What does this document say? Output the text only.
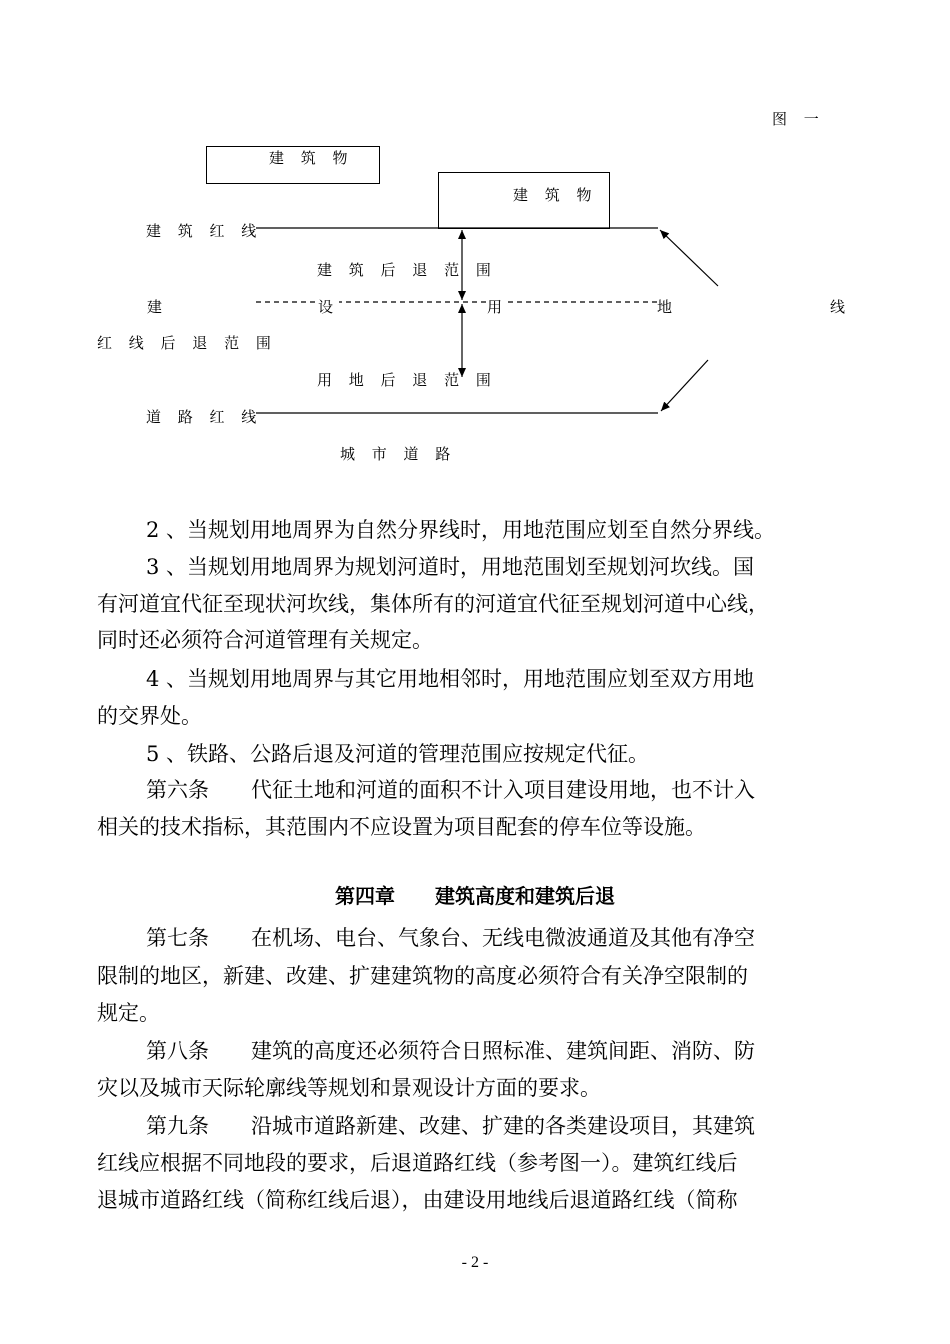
图 一
建 筑 物
建 筑 物
建 筑 红 线
建 筑 后 退 范 围
建	设	用	地	线
红 线 后 退 范 围
用 地 后 退 范 围
道 路 红 线
城 市 道 路
2 、当规划用地周界为自然分界线时，用地范围应划至自然分界线。
3 、当规划用地周界为规划河道时，用地范围划至规划河坎线。国
有河道宜代征至现状河坎线，集体所有的河道宜代征至规划河道中心线，
同时还必须符合河道管理有关规定。
4 、当规划用地周界与其它用地相邻时，用地范围应划至双方用地
的交界处。
5 、铁路、公路后退及河道的管理范围应按规定代征。
第六条　　代征土地和河道的面积不计入项目建设用地，也不计入
相关的技术指标，其范围内不应设置为项目配套的停车位等设施。
第四章　　建筑高度和建筑后退
第七条　　在机场、电台、气象台、无线电微波通道及其他有净空
限制的地区，新建、改建、扩建建筑物的高度必须符合有关净空限制的
规定。
第八条　　建筑的高度还必须符合日照标准、建筑间距、消防、防
灾以及城市天际轮廓线等规划和景观设计方面的要求。
第九条　　沿城市道路新建、改建、扩建的各类建设项目，其建筑
红线应根据不同地段的要求，后退道路红线（参考图一）。建筑红线后
退城市道路红线（简称红线后退），由建设用地线后退道路红线（简称
- 2 -
